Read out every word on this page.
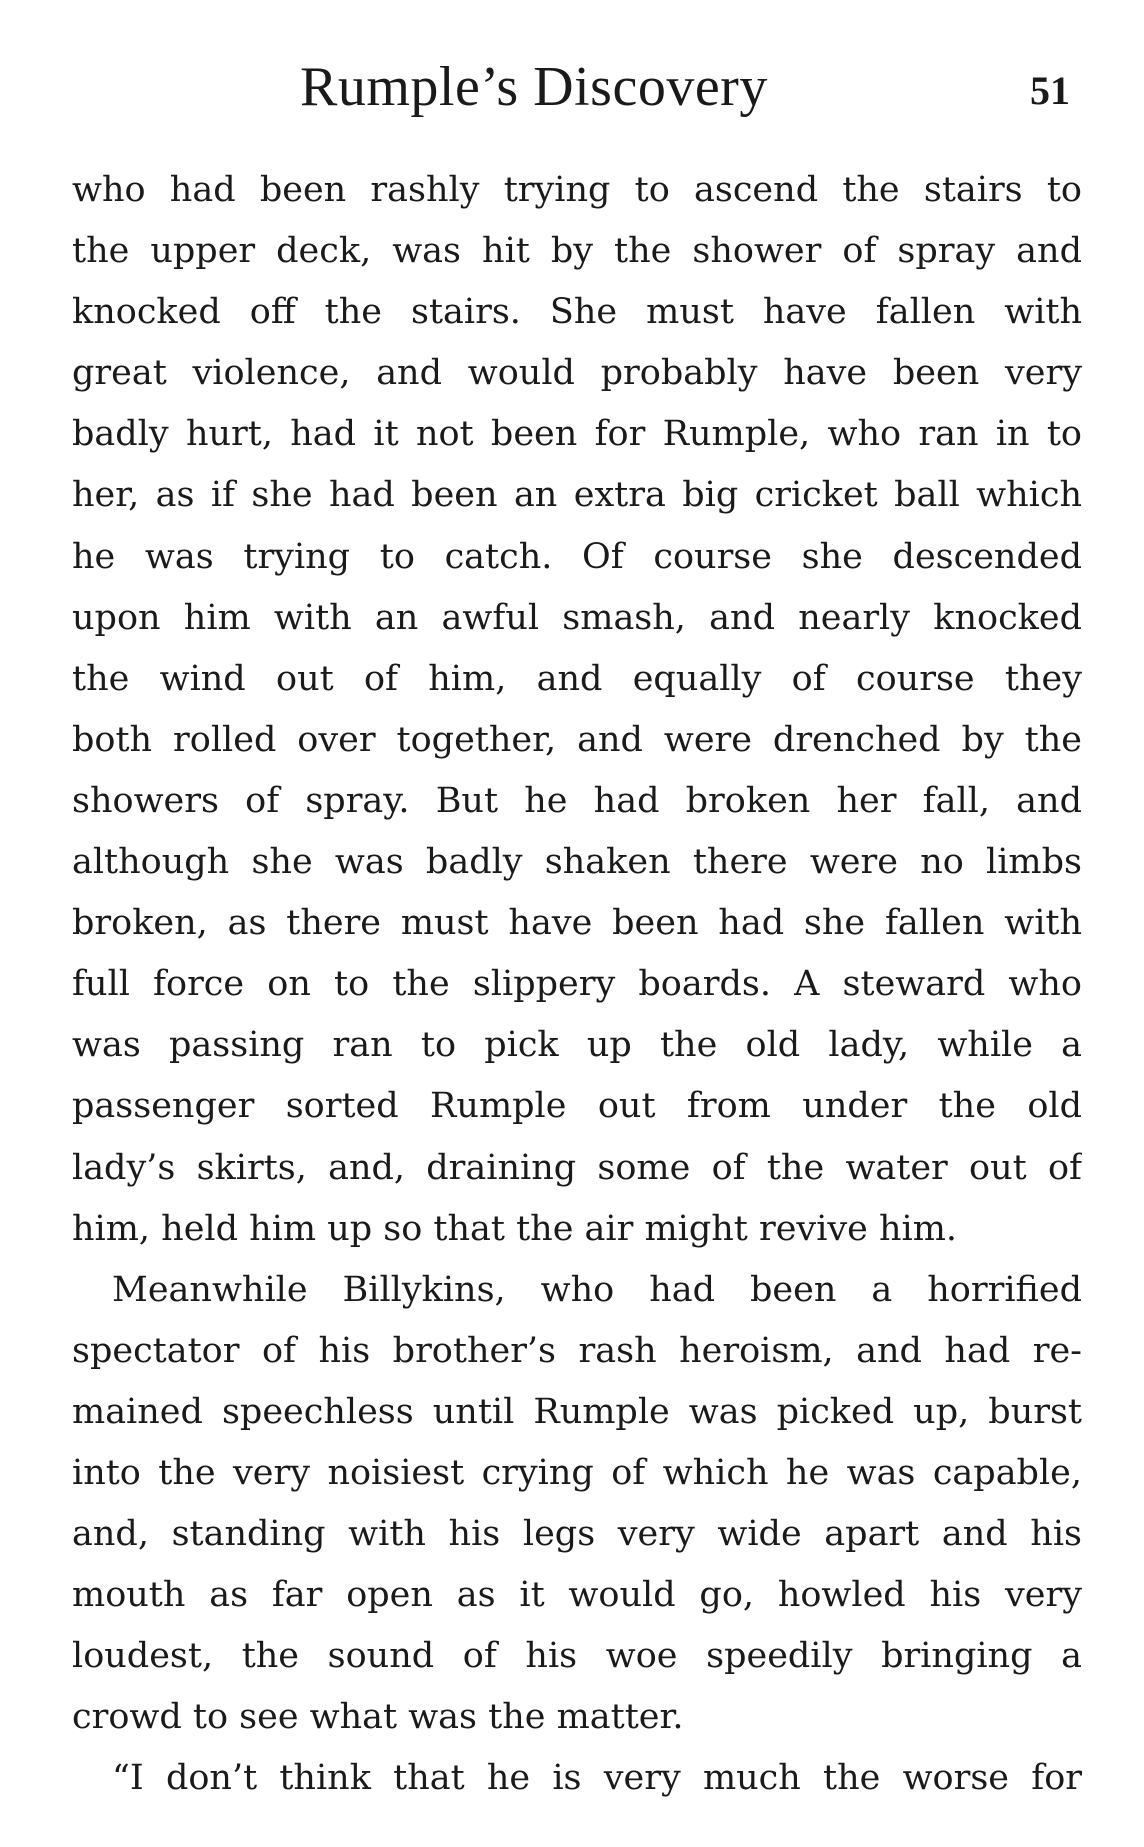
Rumple’s Discovery	51
who had been rashly trying to ascend the stairs to
the upper deck, was hit by the shower of spray and
knocked off the stairs. She must have fallen with
great violence, and would probably have been very
badly hurt, had it not been for Rumple, who ran in to
her, as if she had been an extra big cricket ball which
he was trying to catch. Of course she descended
upon him with an awful smash, and nearly knocked
the wind out of him, and equally of course they
both rolled over together, and were drenched by the
showers of spray. But he had broken her fall, and
although she was badly shaken there were no limbs
broken, as there must have been had she fallen with
full force on to the slippery boards. A steward who
was passing ran to pick up the old lady, while a
passenger sorted Rumple out from under the old
lady’s skirts, and, draining some of the water out of
him, held him up so that the air might revive him.
Meanwhile Billykins, who had been a horrified
spectator of his brother’s rash heroism, and had re-
mained speechless until Rumple was picked up, burst
into the very noisiest crying of which he was capable,
and, standing with his legs very wide apart and his
mouth as far open as it would go, howled his very
loudest, the sound of his woe speedily bringing a
crowd to see what was the matter.
“I don’t think that he is very much the worse for
